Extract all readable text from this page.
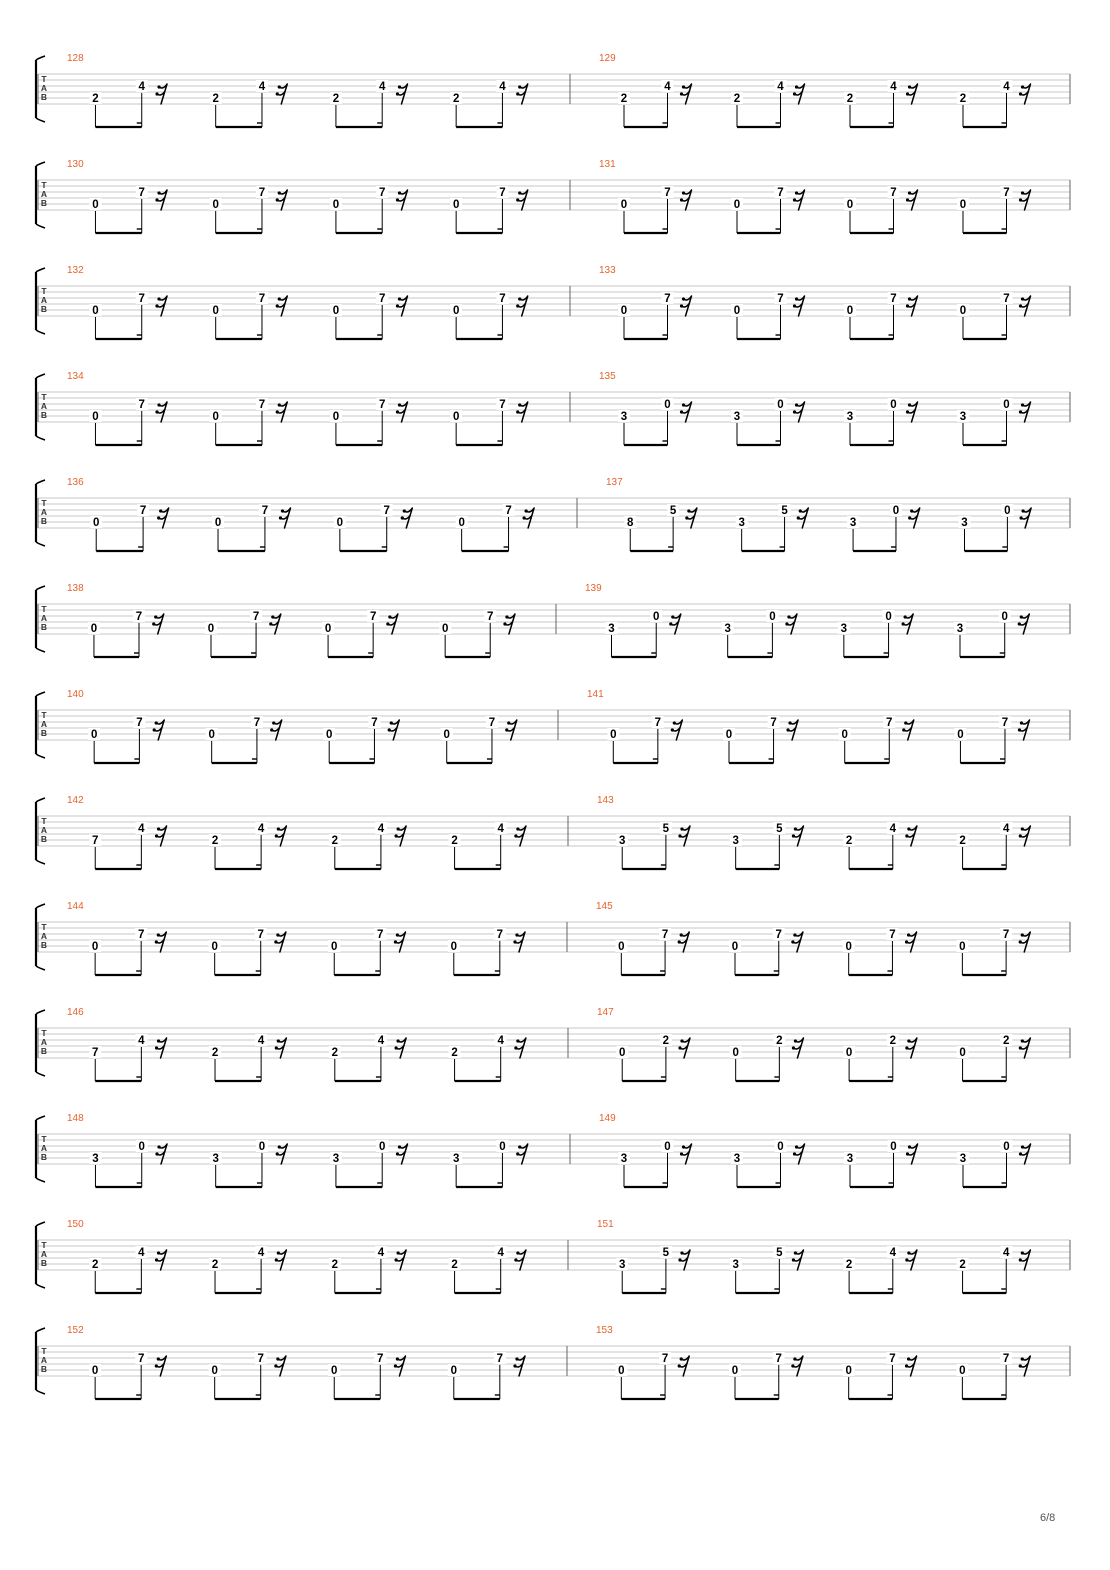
T
A
B
128
2
4
2
4
2
4
2
4
129
2
4
2
4
2
4
2
4
T
A
B
130
0
7
0
7
0
7
0
7
131
0
7
0
7
0
7
0
7
T
A
B
132
0
7
0
7
0
7
0
7
133
0
7
0
7
0
7
0
7
T
A
B
134
0
7
0
7
0
7
0
7
135
3
0
3
0
3
0
3
0
T
A
B
136
0
7
0
7
0
7
0
7
137
8
5
3
5
3
0
3
0
T
A
B
138
0
7
0
7
0
7
0
7
139
3
0
3
0
3
0
3
0
T
A
B
140
0
7
0
7
0
7
0
7
141
0
7
0
7
0
7
0
7
T
A
B
142
7
4
2
4
2
4
2
4
143
3
5
3
5
2
4
2
4
T
A
B
144
0
7
0
7
0
7
0
7
145
0
7
0
7
0
7
0
7
T
A
B
146
7
4
2
4
2
4
2
4
147
0
2
0
2
0
2
0
2
T
A
B
148
3
0
3
0
3
0
3
0
149
3
0
3
0
3
0
3
0
T
A
B
150
2
4
2
4
2
4
2
4
151
3
5
3
5
2
4
2
4
T
A
B
152
0
7
0
7
0
7
0
7
153
0
7
0
7
0
7
0
7
6/8
